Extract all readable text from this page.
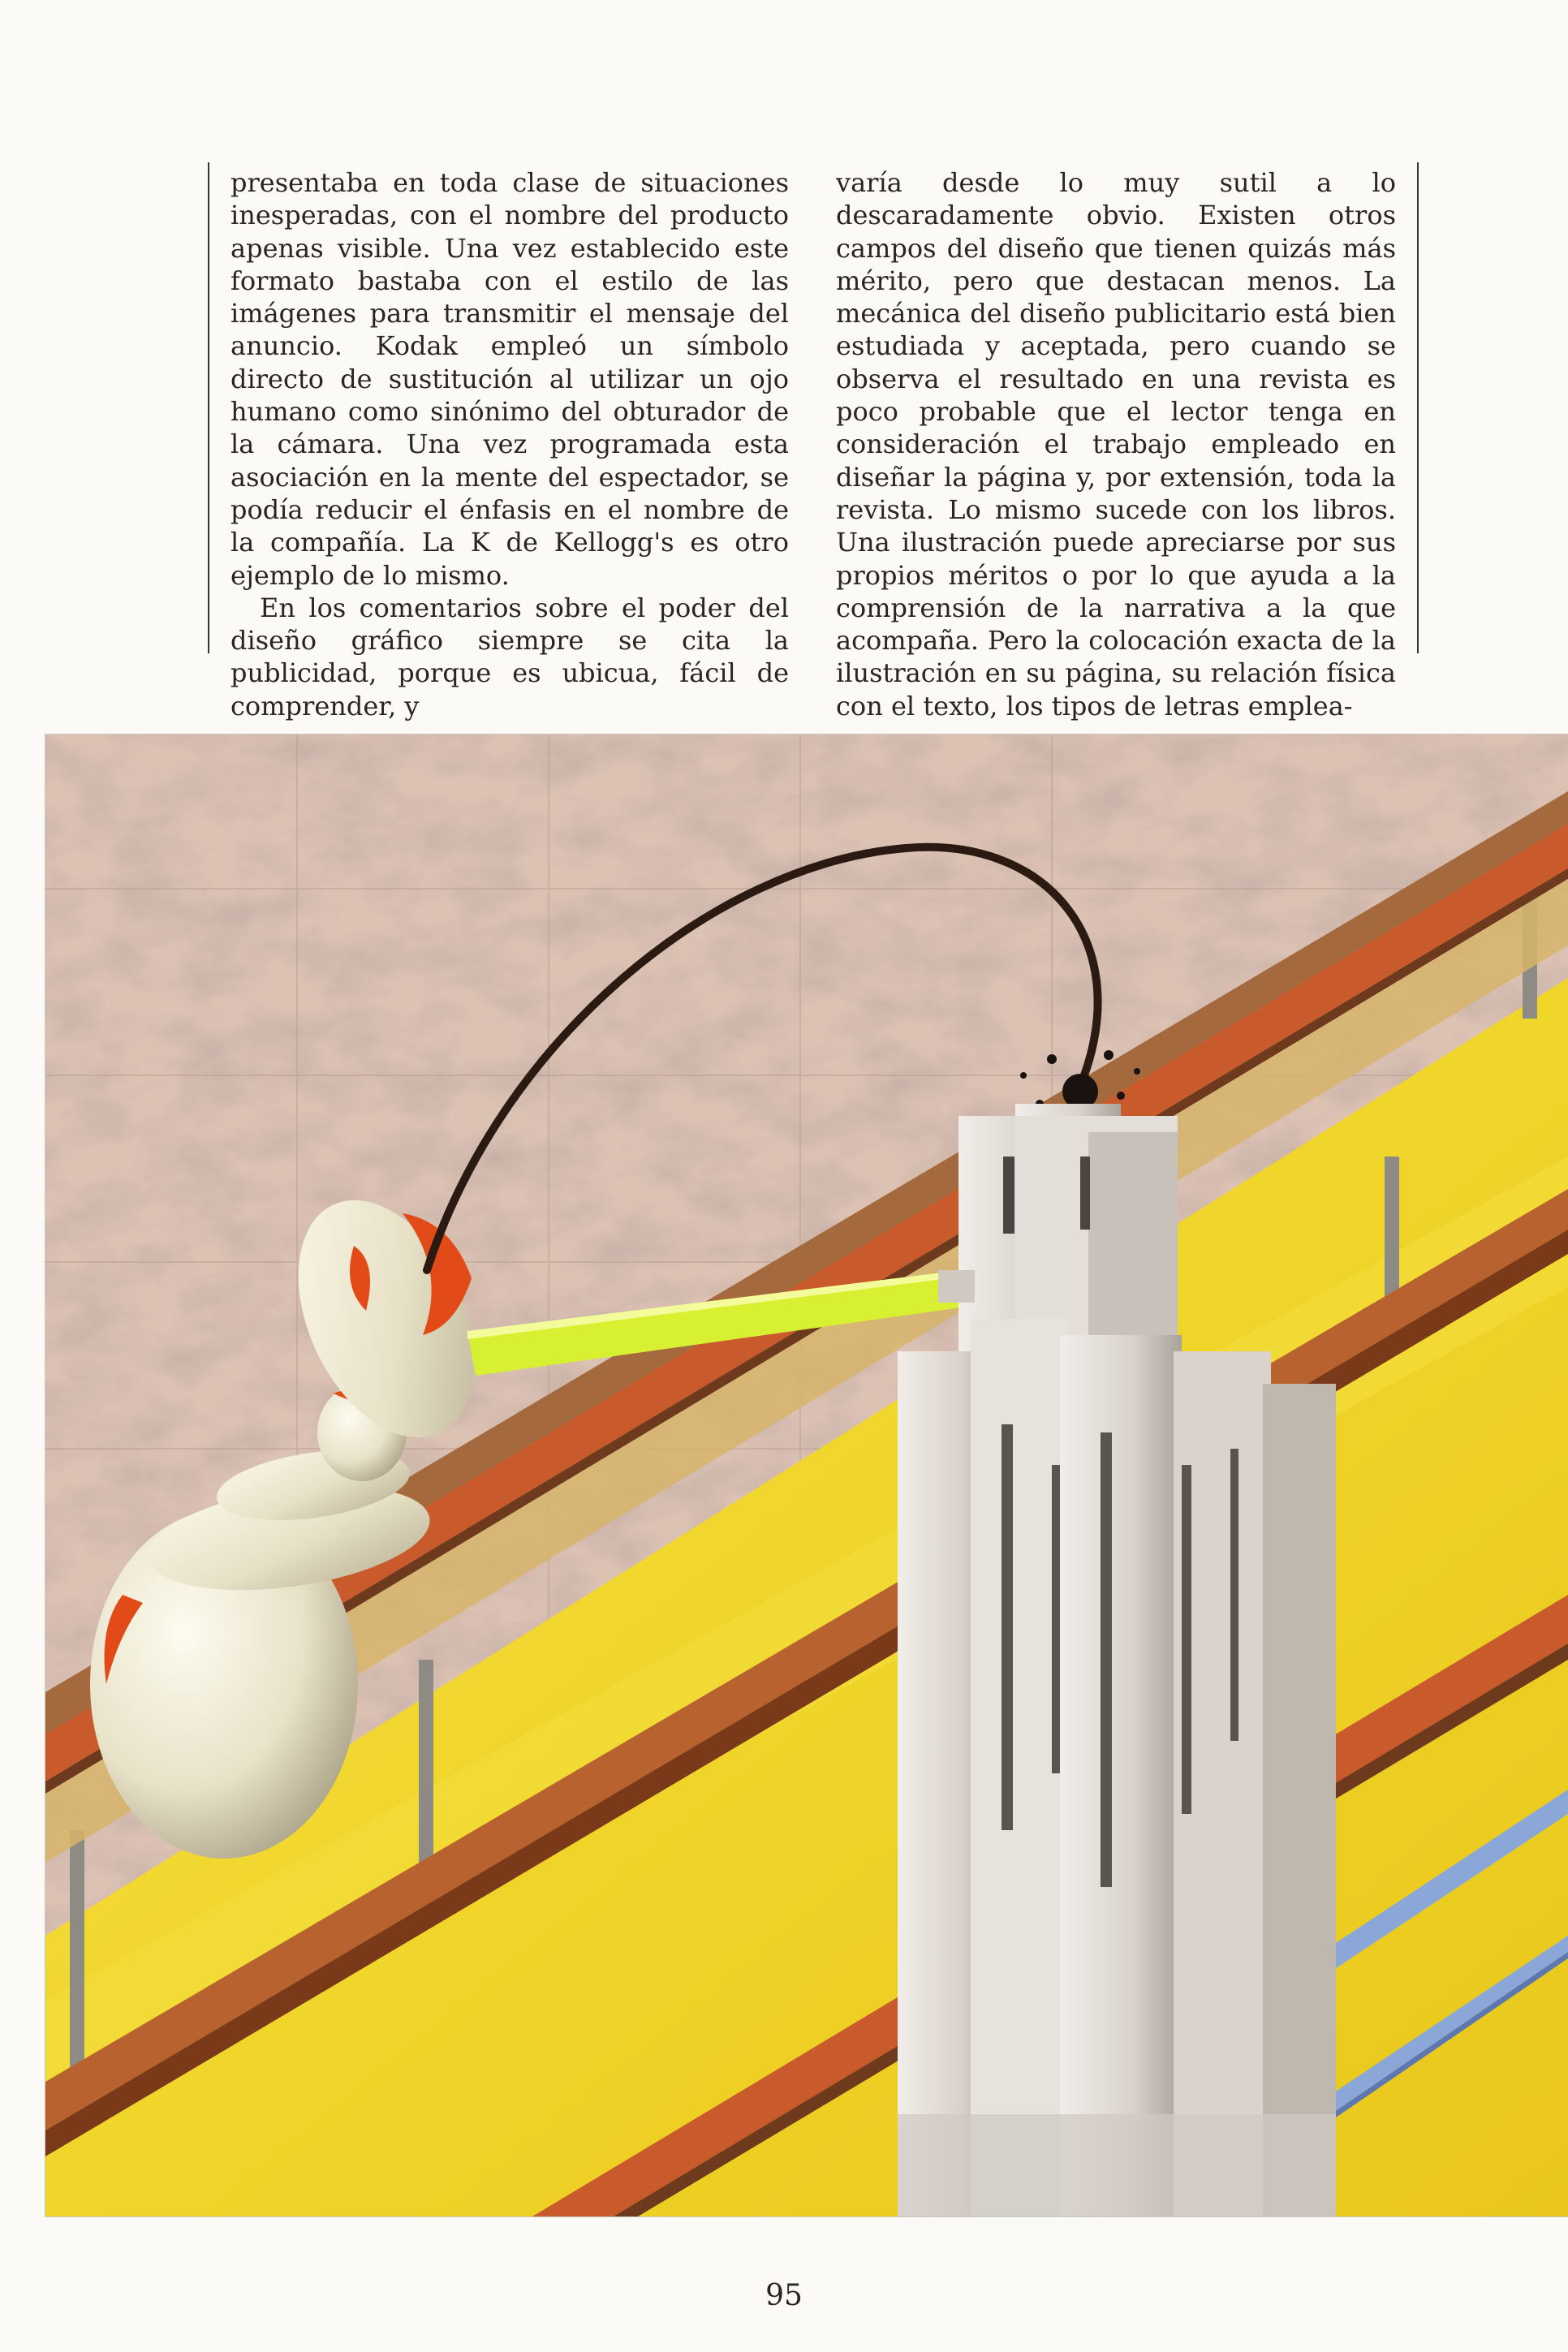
presentaba en toda clase de situaciones inesperadas, con el nombre del producto apenas visible. Una vez establecido este formato bastaba con el estilo de las imágenes para transmitir el mensaje del anuncio. Kodak empleó un símbolo directo de sustitución al utilizar un ojo humano como sinónimo del obturador de la cámara. Una vez programada esta asociación en la mente del espectador, se podía reducir el énfasis en el nombre de la compañía. La K de Kellogg's es otro ejemplo de lo mismo.

En los comentarios sobre el poder del diseño gráfico siempre se cita la publicidad, porque es ubicua, fácil de comprender, y

varía desde lo muy sutil a lo descaradamente obvio. Existen otros campos del diseño que tienen quizás más mérito, pero que destacan menos. La mecánica del diseño publicitario está bien estudiada y aceptada, pero cuando se observa el resultado en una revista es poco probable que el lector tenga en consideración el trabajo empleado en diseñar la página y, por extensión, toda la revista. Lo mismo sucede con los libros. Una ilustración puede apreciarse por sus propios méritos o por lo que ayuda a la comprensión de la narrativa a la que acompaña. Pero la colocación exacta de la ilustración en su página, su relación física con el texto, los tipos de letras emplea-

95
